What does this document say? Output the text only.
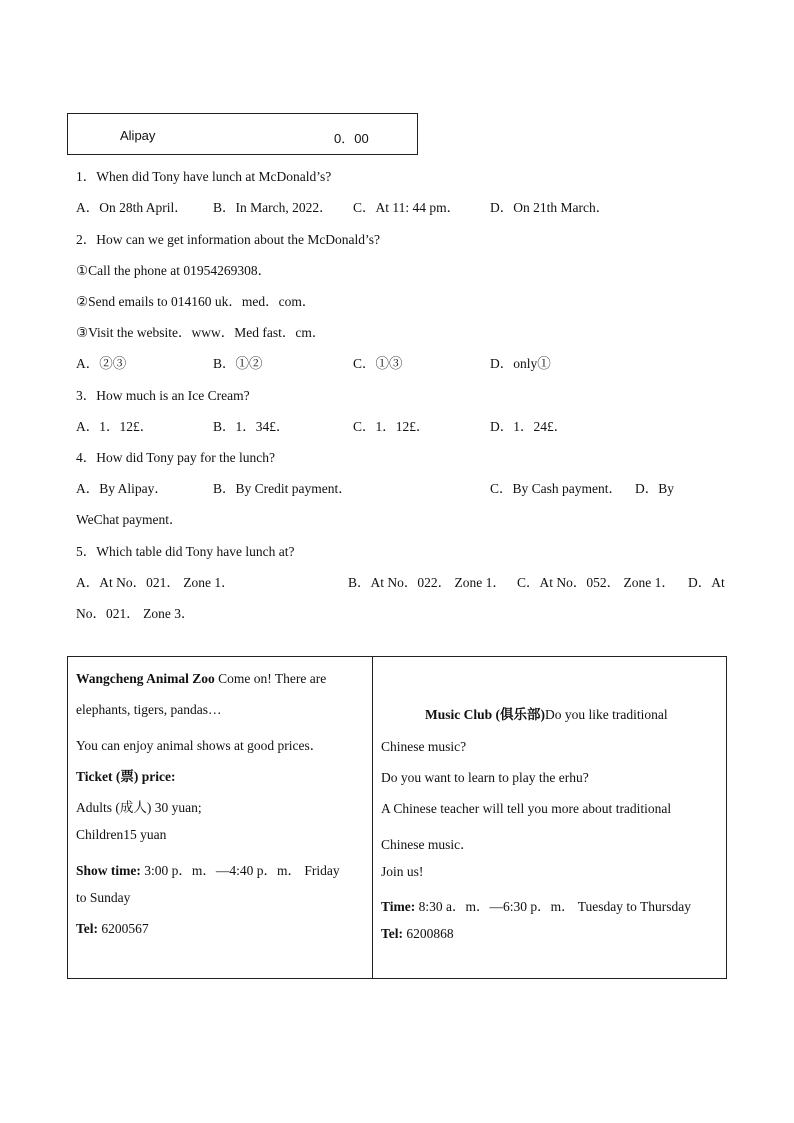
Alipay	0．00
1．When did Tony have lunch at McDonald’s?
A．On 28th April． B．In March, 2022． C．At 11: 44 pm． D．On 21th March．
2．How can we get information about the McDonald’s?
①Call the phone at 01954269308．
②Send emails to 014160 uk．med．com．
③Visit the website．www．Med fast．cm．
A．②③	B．①②	C．①③	D．only①
3．How much is an Ice Cream?
A．1．12£．	B．1．34£．	C．1．12£．	D．1．24£．
4．How did Tony pay for the lunch?
A．By Alipay．	B．By Credit payment．	C．By Cash payment． D．By
WeChat payment．
5．Which table did Tony have lunch at?
A．At No．021． Zone 1．	B．At No．022． Zone 1． C．At No．052． Zone 1． D．At
No．021． Zone 3．
Wangcheng Animal Zoo Come on! There are
elephants, tigers, pandas…
You can enjoy animal shows at good prices．
Ticket (票) price:
Adults (成人) 30 yuan;
Children15 yuan
Show time: 3:00 p．m．—4:40 p．m． Friday
to Sunday
Tel: 6200567
Music Club (俱乐部)Do you like traditional
Chinese music?
Do you want to learn to play the erhu?
A Chinese teacher will tell you more about traditional
Chinese music．
Join us!
Time: 8:30 a．m．—6:30 p．m． Tuesday to Thursday
Tel: 6200868
